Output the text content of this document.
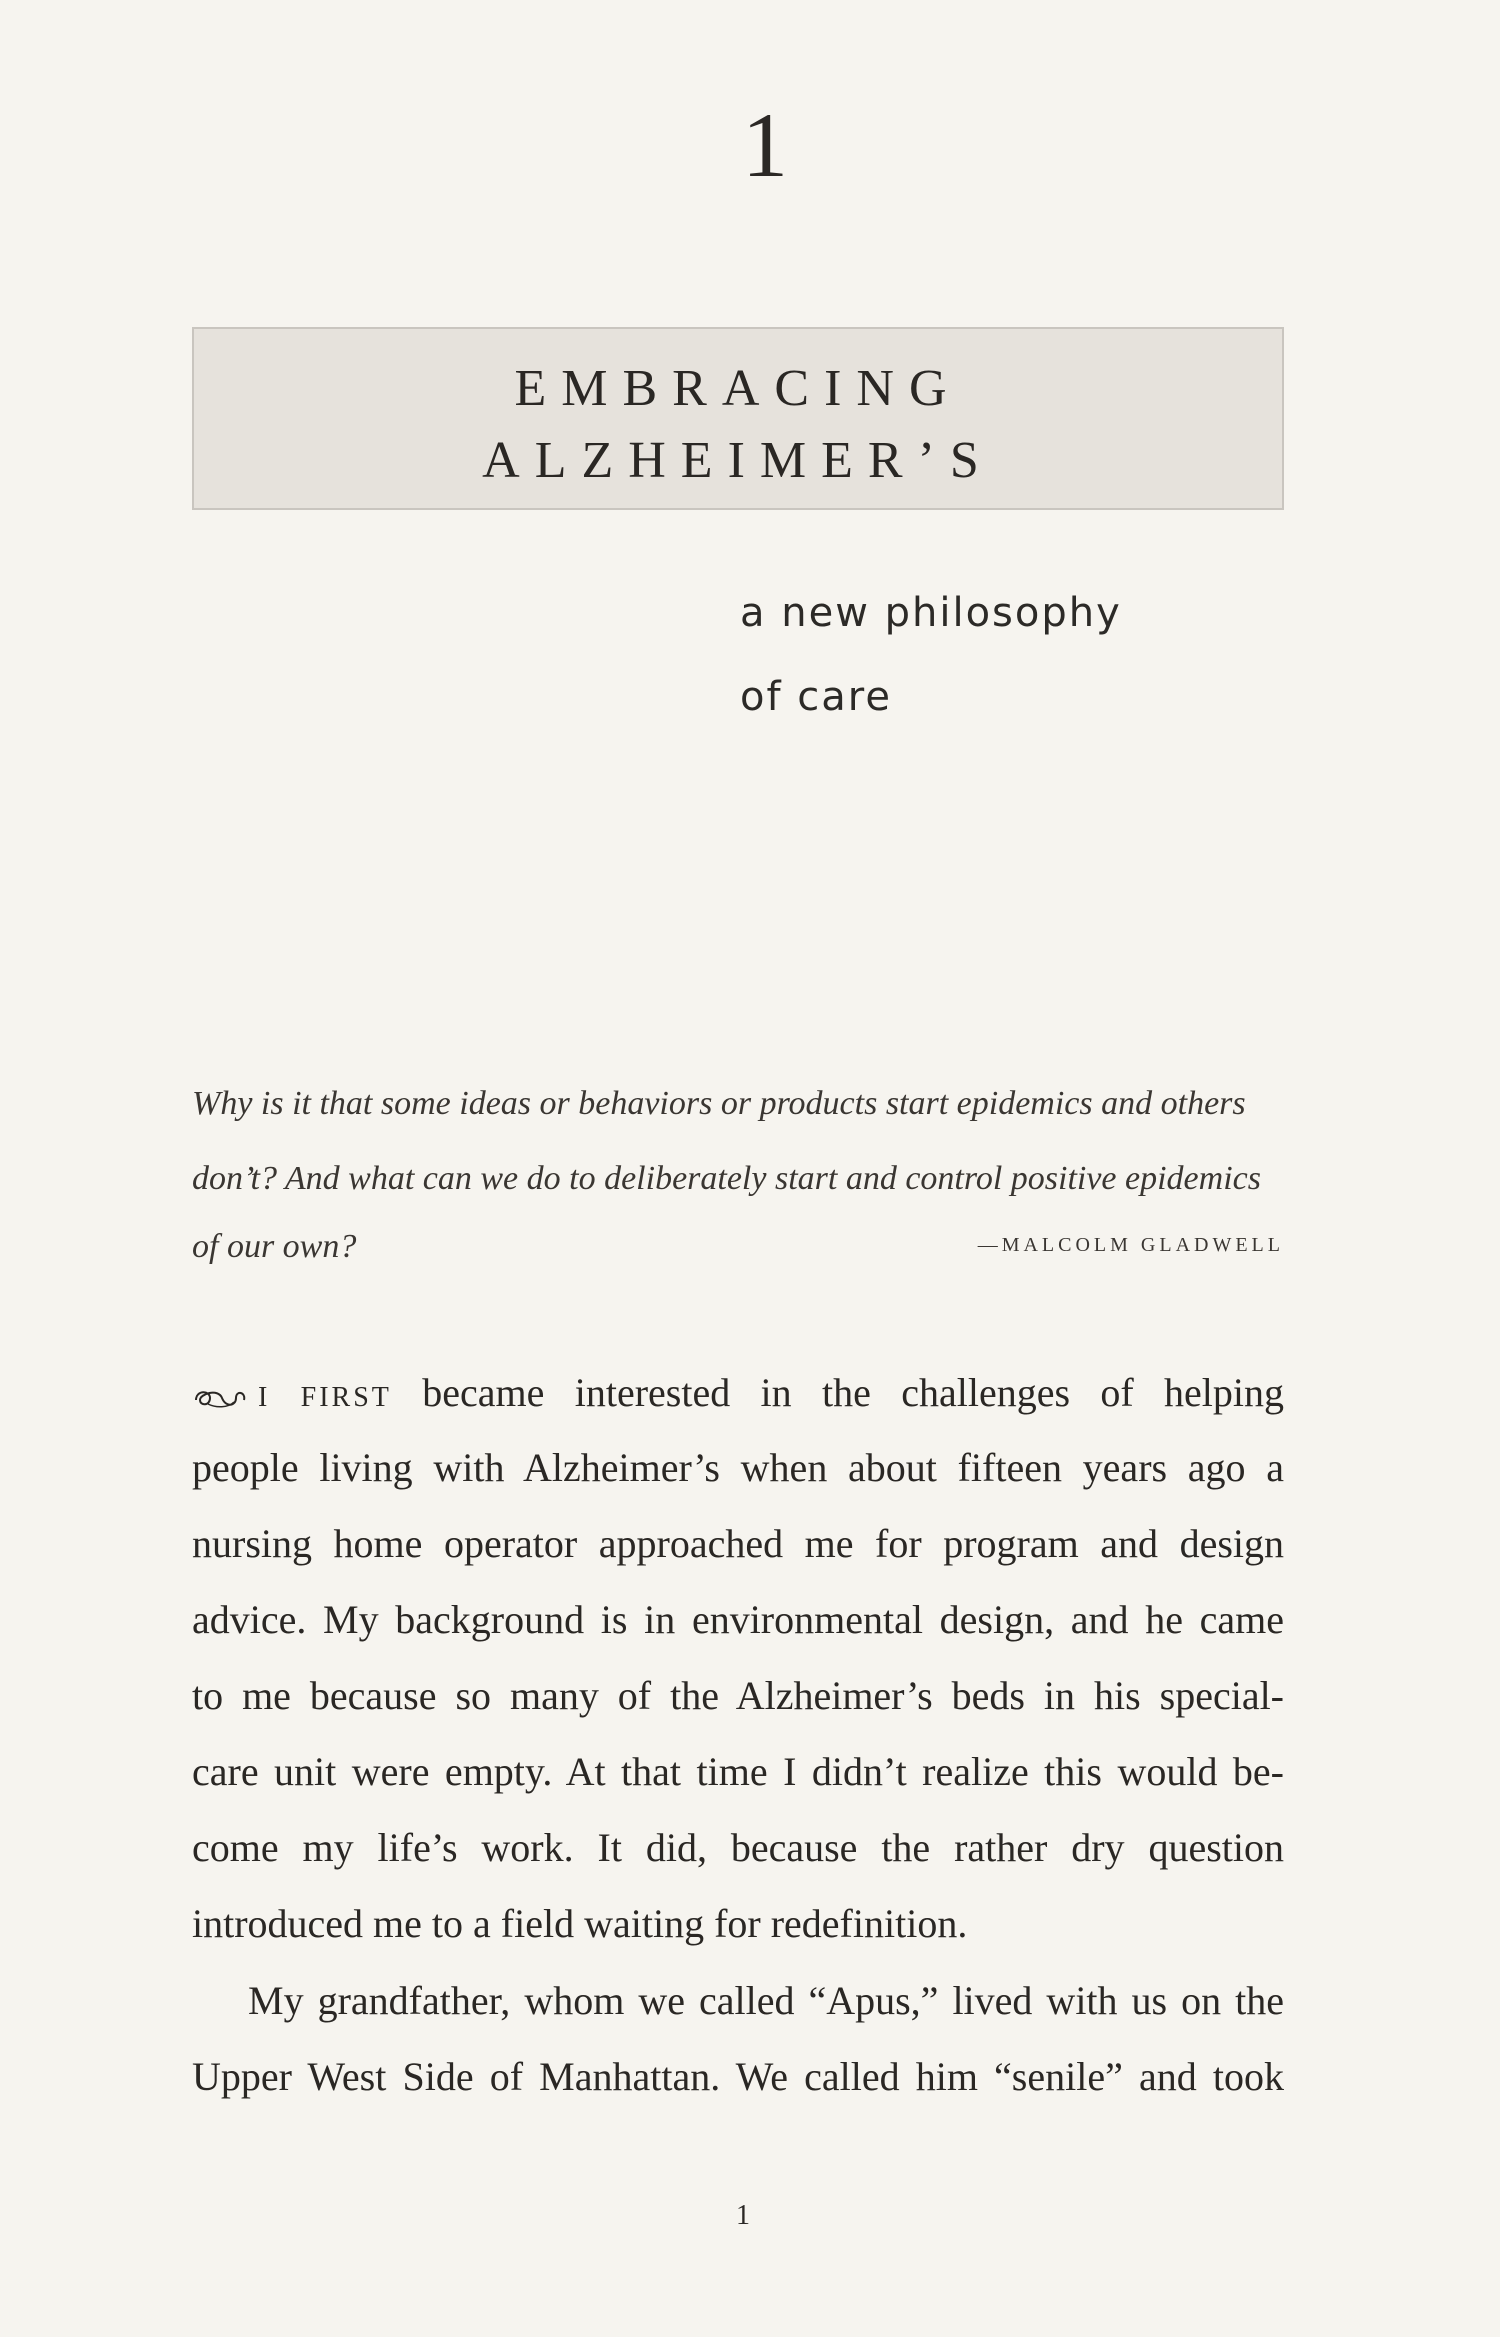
1
EMBRACING
ALZHEIMER’S
a new philosophy
of care
Why is it that some ideas or behaviors or products start epidemics and others
don’t? And what can we do to deliberately start and control positive epidemics
of our own?	—MALCOLM GLADWELL
I FIRST became interested in the challenges of helping
people living with Alzheimer’s when about fifteen years ago a
nursing home operator approached me for program and design
advice. My background is in environmental design, and he came
to me because so many of the Alzheimer’s beds in his special-
care unit were empty. At that time I didn’t realize this would be-
come my life’s work. It did, because the rather dry question
introduced me to a field waiting for redefinition.
My grandfather, whom we called “Apus,” lived with us on the
Upper West Side of Manhattan. We called him “senile” and took
1
